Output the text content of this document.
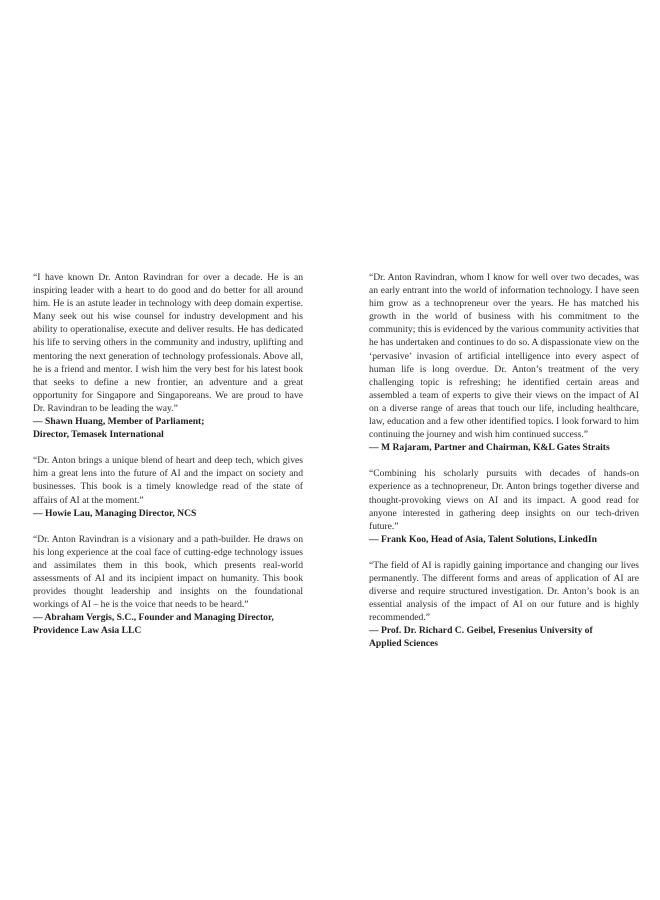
“I have known Dr. Anton Ravindran for over a decade. He is an inspiring leader with a heart to do good and do better for all around him. He is an astute leader in technology with deep domain expertise. Many seek out his wise counsel for industry development and his ability to operationalise, execute and deliver results. He has dedicated his life to serving others in the community and industry, uplifting and mentoring the next generation of technology professionals. Above all, he is a friend and mentor. I wish him the very best for his latest book that seeks to define a new frontier, an adventure and a great opportunity for Singapore and Singaporeans. We are proud to have Dr. Ravindran to be leading the way.”

— Shawn Huang, Member of Parliament;
Director, Temasek International

“Dr. Anton brings a unique blend of heart and deep tech, which gives him a great lens into the future of AI and the impact on society and businesses. This book is a timely knowledge read of the state of affairs of AI at the moment.”

— Howie Lau, Managing Director, NCS

“Dr. Anton Ravindran is a visionary and a path-builder. He draws on his long experience at the coal face of cutting-edge technology issues and assimilates them in this book, which presents real-world assessments of AI and its incipient impact on humanity. This book provides thought leadership and insights on the foundational workings of AI – he is the voice that needs to be heard.”

— Abraham Vergis, S.C., Founder and Managing Director,
Providence Law Asia LLC

“Dr. Anton Ravindran, whom I know for well over two decades, was an early entrant into the world of information technology. I have seen him grow as a technopreneur over the years. He has matched his growth in the world of business with his commitment to the community; this is evidenced by the various community activities that he has undertaken and continues to do so. A dispassionate view on the ‘pervasive’ invasion of artificial intelligence into every aspect of human life is long overdue. Dr. Anton’s treatment of the very challenging topic is refreshing; he identified certain areas and assembled a team of experts to give their views on the impact of AI on a diverse range of areas that touch our life, including healthcare, law, education and a few other identified topics. I look forward to him continuing the journey and wish him continued success.”

— M Rajaram, Partner and Chairman, K&L Gates Straits

“Combining his scholarly pursuits with decades of hands-on experience as a technopreneur, Dr. Anton brings together diverse and thought-provoking views on AI and its impact. A good read for anyone interested in gathering deep insights on our tech-driven future.”

— Frank Koo, Head of Asia, Talent Solutions, LinkedIn

“The field of AI is rapidly gaining importance and changing our lives permanently. The different forms and areas of application of AI are diverse and require structured investigation. Dr. Anton’s book is an essential analysis of the impact of AI on our future and is highly recommended.”

— Prof. Dr. Richard C. Geibel, Fresenius University of
Applied Sciences
